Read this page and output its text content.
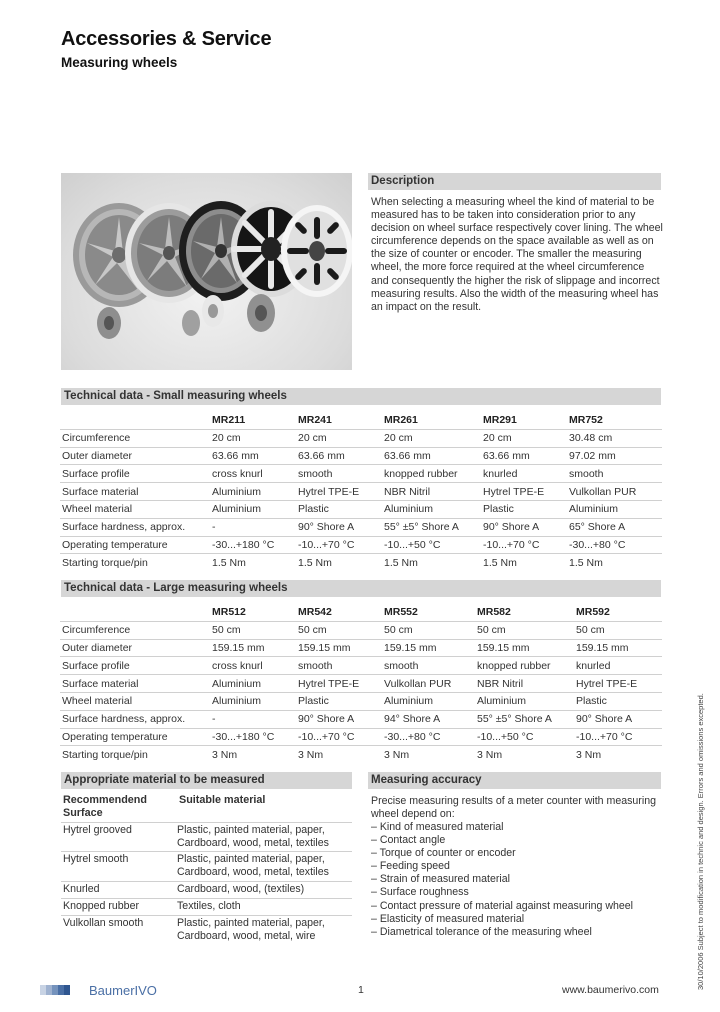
Accessories & Service
Measuring wheels
Description
When selecting a measuring wheel the kind of material to be measured has to be taken into consideration prior to any decision on wheel surface respectively cover lining. The wheel circumference depends on the space available as well as on the size of counter or encoder. The smaller the measuring wheel, the more force required at the wheel circumference and consequently the higher the risk of slippage and incorrect measuring results. Also the width of the measuring wheel has an impact on the result.
Technical data - Small measuring wheels
	MR211	MR241	MR261	MR291	MR752
Circumference	20 cm	20 cm	20 cm	20 cm	30.48 cm
Outer diameter	63.66 mm	63.66 mm	63.66 mm	63.66 mm	97.02 mm
Surface profile	cross knurl	smooth	knopped rubber	knurled	smooth
Surface material	Aluminium	Hytrel TPE-E	NBR Nitril	Hytrel TPE-E	Vulkollan PUR
Wheel material	Aluminium	Plastic	Aluminium	Plastic	Aluminium
Surface hardness, approx.	-	90° Shore A	55° ±5° Shore A	90° Shore A	65° Shore A
Operating temperature	-30...+180 °C	-10...+70 °C	-10...+50 °C	-10...+70 °C	-30...+80 °C
Starting torque/pin	1.5 Nm	1.5 Nm	1.5 Nm	1.5 Nm	1.5 Nm
Technical data - Large measuring wheels
	MR512	MR542	MR552	MR582	MR592
Circumference	50 cm	50 cm	50 cm	50 cm	50 cm
Outer diameter	159.15 mm	159.15 mm	159.15 mm	159.15 mm	159.15 mm
Surface profile	cross knurl	smooth	smooth	knopped rubber	knurled
Surface material	Aluminium	Hytrel TPE-E	Vulkollan PUR	NBR Nitril	Hytrel TPE-E
Wheel material	Aluminium	Plastic	Aluminium	Aluminium	Plastic
Surface hardness, approx.	-	90° Shore A	94° Shore A	55° ±5° Shore A	90° Shore A
Operating temperature	-30...+180 °C	-10...+70 °C	-30...+80 °C	-10...+50 °C	-10...+70 °C
Starting torque/pin	3 Nm	3 Nm	3 Nm	3 Nm	3 Nm
Appropriate material to be measured
Recommendend Surface
Suitable material
Hytrel grooved	Plastic, painted material, paper,
Cardboard, wood, metal, textiles
Hytrel smooth	Plastic, painted material, paper,
Cardboard, wood, metal, textiles
Knurled	Cardboard, wood, (textiles)
Knopped rubber	Textiles, cloth
Vulkollan smooth	Plastic, painted material, paper,
Cardboard, wood, metal, wire
Measuring accuracy
Precise measuring results of a meter counter with measuring wheel depend on:
– Kind of measured material
– Contact angle
– Torque of counter or encoder
– Feeding speed
– Strain of measured material
– Surface roughness
– Contact pressure of material against measuring wheel
– Elasticity of measured material
– Diametrical tolerance of the measuring wheel
BaumerIVO	1	www.baumerivo.com	30/10/2006 Subject to modification in technic and design. Errors and omissions excepted.
